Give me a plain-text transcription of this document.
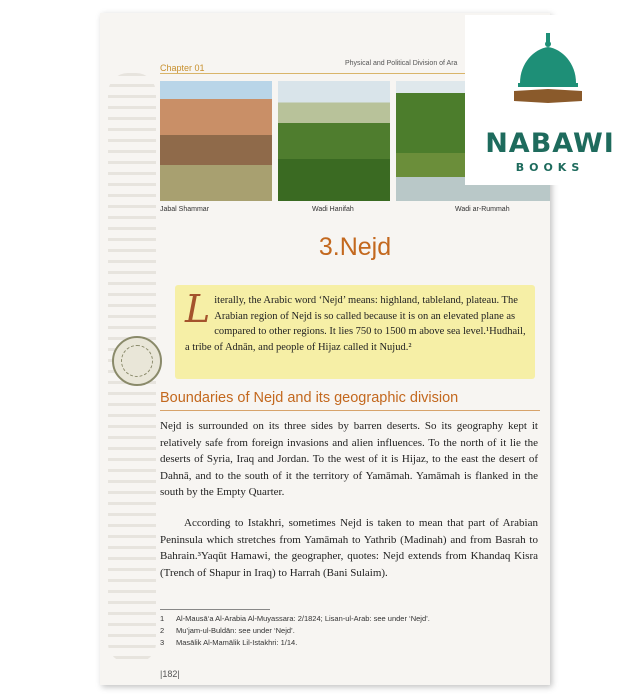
Chapter 01	Physical and Political Division of Ara
Jabal Shammar	Wadi Hanifah	Wadi ar-Rummah
3.Nejd
Literally, the Arabic word ‘Nejd’ means: highland, tableland, plateau. The Arabian region of Nejd is so called because it is on an elevated plane as compared to other regions. It lies 750 to 1500 m above sea level.¹Hudhail, a tribe of Adnān, and people of Hijaz called it Nujud.²
Boundaries of Nejd and its geographic division
Nejd is surrounded on its three sides by barren deserts. So its geography kept it relatively safe from foreign invasions and alien influences. To the north of it lie the deserts of Syria, Iraq and Jordan. To the west of it is Hijaz, to the east the desert of Dahnā, and to the south of it the territory of Yamāmah. Yamāmah is flanked in the south by the Empty Quarter.
According to Istakhri, sometimes Nejd is taken to mean that part of Arabian Peninsula which stretches from Yamāmah to Yathrib (Madinah) and from Basrah to Bahrain.³Yaqūt Hamawi, the geographer, quotes: Nejd extends from Khandaq Kisra (Trench of Shapur in Iraq) to Harrah (Bani Sulaim).
1	Al-Mausā‘a Al-Arabia Al-Muyassara: 2/1824; Lisan-ul-Arab: see under ‘Nejd’.
2	Mu’jam-ul-Buldān: see under ‘Nejd’.
3	Masālik Al-Mamālik Lil-Istakhri: 1/14.
|182|
NABAWI
BOOKS
